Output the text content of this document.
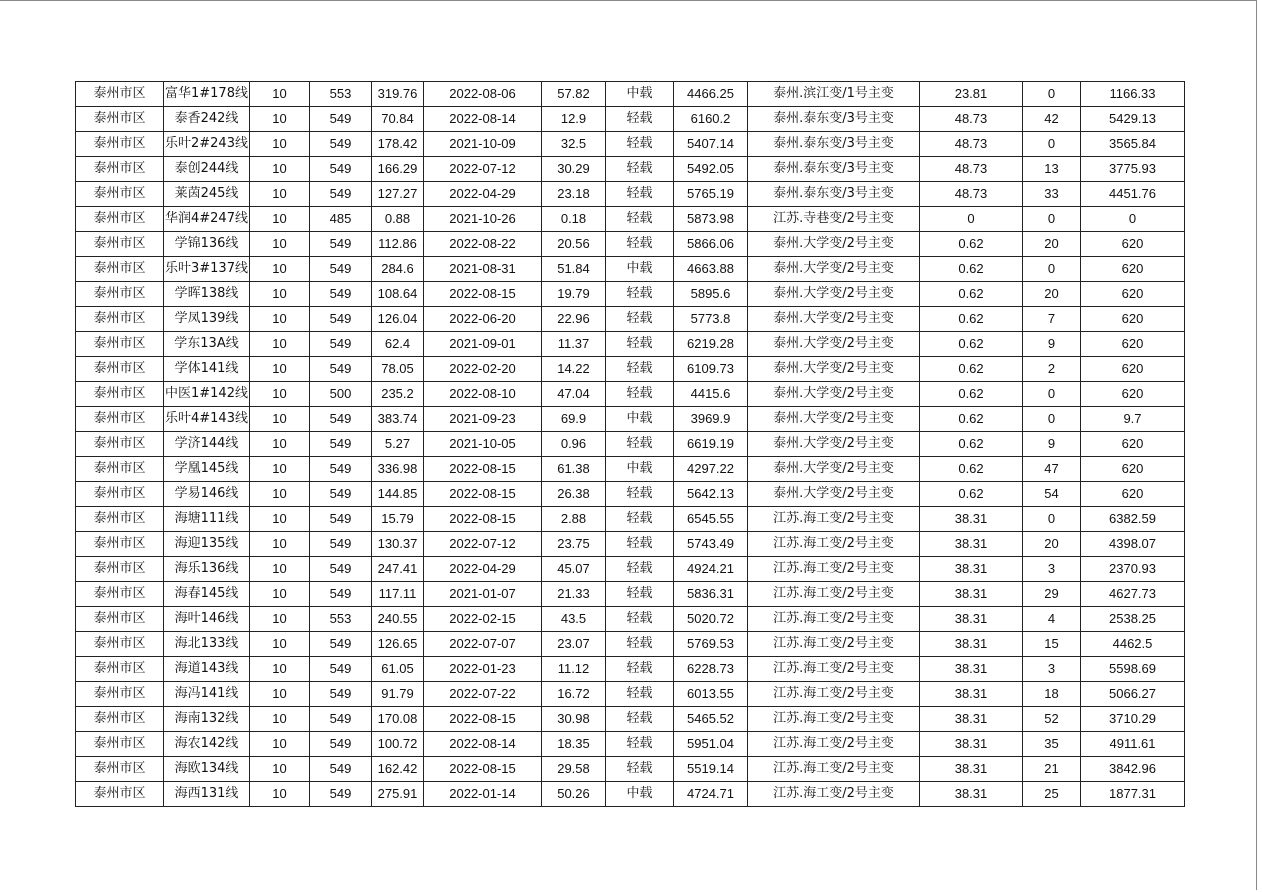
泰州市区	富华1#178线	10	553	319.76	2022-08-06	57.82	中载	4466.25	泰州.滨江变/1号主变	23.81	0	1166.33
泰州市区	泰香242线	10	549	70.84	2022-08-14	12.9	轻载	6160.2	泰州.泰东变/3号主变	48.73	42	5429.13
泰州市区	乐叶2#243线	10	549	178.42	2021-10-09	32.5	轻载	5407.14	泰州.泰东变/3号主变	48.73	0	3565.84
泰州市区	泰创244线	10	549	166.29	2022-07-12	30.29	轻载	5492.05	泰州.泰东变/3号主变	48.73	13	3775.93
泰州市区	莱茵245线	10	549	127.27	2022-04-29	23.18	轻载	5765.19	泰州.泰东变/3号主变	48.73	33	4451.76
泰州市区	华润4#247线	10	485	0.88	2021-10-26	0.18	轻载	5873.98	江苏.寺巷变/2号主变	0	0	0
泰州市区	学锦136线	10	549	112.86	2022-08-22	20.56	轻载	5866.06	泰州.大学变/2号主变	0.62	20	620
泰州市区	乐叶3#137线	10	549	284.6	2021-08-31	51.84	中载	4663.88	泰州.大学变/2号主变	0.62	0	620
泰州市区	学晖138线	10	549	108.64	2022-08-15	19.79	轻载	5895.6	泰州.大学变/2号主变	0.62	20	620
泰州市区	学凤139线	10	549	126.04	2022-06-20	22.96	轻载	5773.8	泰州.大学变/2号主变	0.62	7	620
泰州市区	学东13A线	10	549	62.4	2021-09-01	11.37	轻载	6219.28	泰州.大学变/2号主变	0.62	9	620
泰州市区	学体141线	10	549	78.05	2022-02-20	14.22	轻载	6109.73	泰州.大学变/2号主变	0.62	2	620
泰州市区	中医1#142线	10	500	235.2	2022-08-10	47.04	轻载	4415.6	泰州.大学变/2号主变	0.62	0	620
泰州市区	乐叶4#143线	10	549	383.74	2021-09-23	69.9	中载	3969.9	泰州.大学变/2号主变	0.62	0	9.7
泰州市区	学济144线	10	549	5.27	2021-10-05	0.96	轻载	6619.19	泰州.大学变/2号主变	0.62	9	620
泰州市区	学凰145线	10	549	336.98	2022-08-15	61.38	中载	4297.22	泰州.大学变/2号主变	0.62	47	620
泰州市区	学易146线	10	549	144.85	2022-08-15	26.38	轻载	5642.13	泰州.大学变/2号主变	0.62	54	620
泰州市区	海塘111线	10	549	15.79	2022-08-15	2.88	轻载	6545.55	江苏.海工变/2号主变	38.31	0	6382.59
泰州市区	海迎135线	10	549	130.37	2022-07-12	23.75	轻载	5743.49	江苏.海工变/2号主变	38.31	20	4398.07
泰州市区	海乐136线	10	549	247.41	2022-04-29	45.07	轻载	4924.21	江苏.海工变/2号主变	38.31	3	2370.93
泰州市区	海春145线	10	549	117.11	2021-01-07	21.33	轻载	5836.31	江苏.海工变/2号主变	38.31	29	4627.73
泰州市区	海叶146线	10	553	240.55	2022-02-15	43.5	轻载	5020.72	江苏.海工变/2号主变	38.31	4	2538.25
泰州市区	海北133线	10	549	126.65	2022-07-07	23.07	轻载	5769.53	江苏.海工变/2号主变	38.31	15	4462.5
泰州市区	海道143线	10	549	61.05	2022-01-23	11.12	轻载	6228.73	江苏.海工变/2号主变	38.31	3	5598.69
泰州市区	海冯141线	10	549	91.79	2022-07-22	16.72	轻载	6013.55	江苏.海工变/2号主变	38.31	18	5066.27
泰州市区	海南132线	10	549	170.08	2022-08-15	30.98	轻载	5465.52	江苏.海工变/2号主变	38.31	52	3710.29
泰州市区	海农142线	10	549	100.72	2022-08-14	18.35	轻载	5951.04	江苏.海工变/2号主变	38.31	35	4911.61
泰州市区	海欧134线	10	549	162.42	2022-08-15	29.58	轻载	5519.14	江苏.海工变/2号主变	38.31	21	3842.96
泰州市区	海西131线	10	549	275.91	2022-01-14	50.26	中载	4724.71	江苏.海工变/2号主变	38.31	25	1877.31
